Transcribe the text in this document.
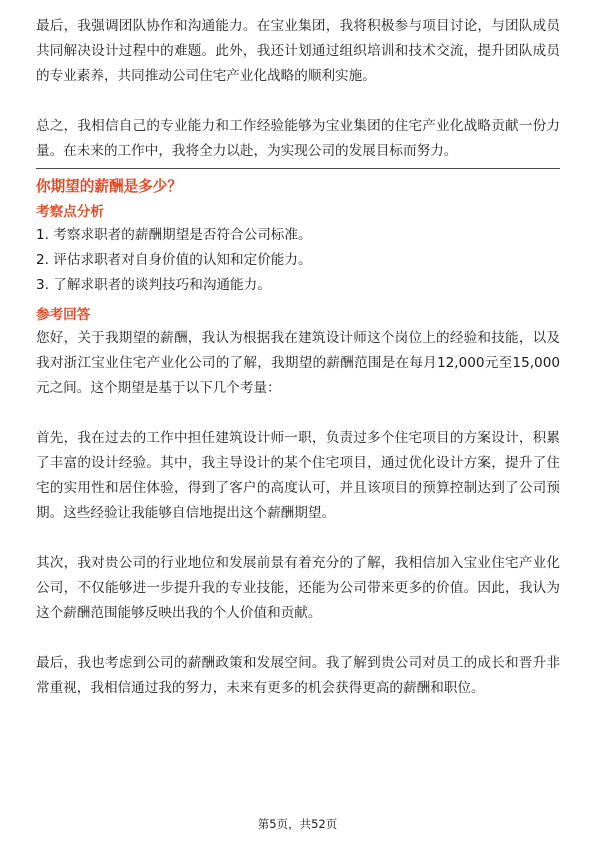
最后，我强调团队协作和沟通能力。在宝业集团，我将积极参与项目讨论，与团队成员共同解决设计过程中的难题。此外，我还计划通过组织培训和技术交流，提升团队成员的专业素养，共同推动公司住宅产业化战略的顺利实施。

总之，我相信自己的专业能力和工作经验能够为宝业集团的住宅产业化战略贡献一份力量。在未来的工作中，我将全力以赴，为实现公司的发展目标而努力。

你期望的薪酬是多少？

考察点分析

1. 考察求职者的薪酬期望是否符合公司标准。
2. 评估求职者对自身价值的认知和定价能力。
3. 了解求职者的谈判技巧和沟通能力。

参考回答

您好，关于我期望的薪酬，我认为根据我在建筑设计师这个岗位上的经验和技能，以及我对浙江宝业住宅产业化公司的了解，我期望的薪酬范围是在每月12,000元至15,000元之间。这个期望是基于以下几个考量：

首先，我在过去的工作中担任建筑设计师一职，负责过多个住宅项目的方案设计，积累了丰富的设计经验。其中，我主导设计的某个住宅项目，通过优化设计方案，提升了住宅的实用性和居住体验，得到了客户的高度认可，并且该项目的预算控制达到了公司预期。这些经验让我能够自信地提出这个薪酬期望。

其次，我对贵公司的行业地位和发展前景有着充分的了解，我相信加入宝业住宅产业化公司，不仅能够进一步提升我的专业技能，还能为公司带来更多的价值。因此，我认为这个薪酬范围能够反映出我的个人价值和贡献。

最后，我也考虑到公司的薪酬政策和发展空间。我了解到贵公司对员工的成长和晋升非常重视，我相信通过我的努力，未来有更多的机会获得更高的薪酬和职位。

第5页，共52页
